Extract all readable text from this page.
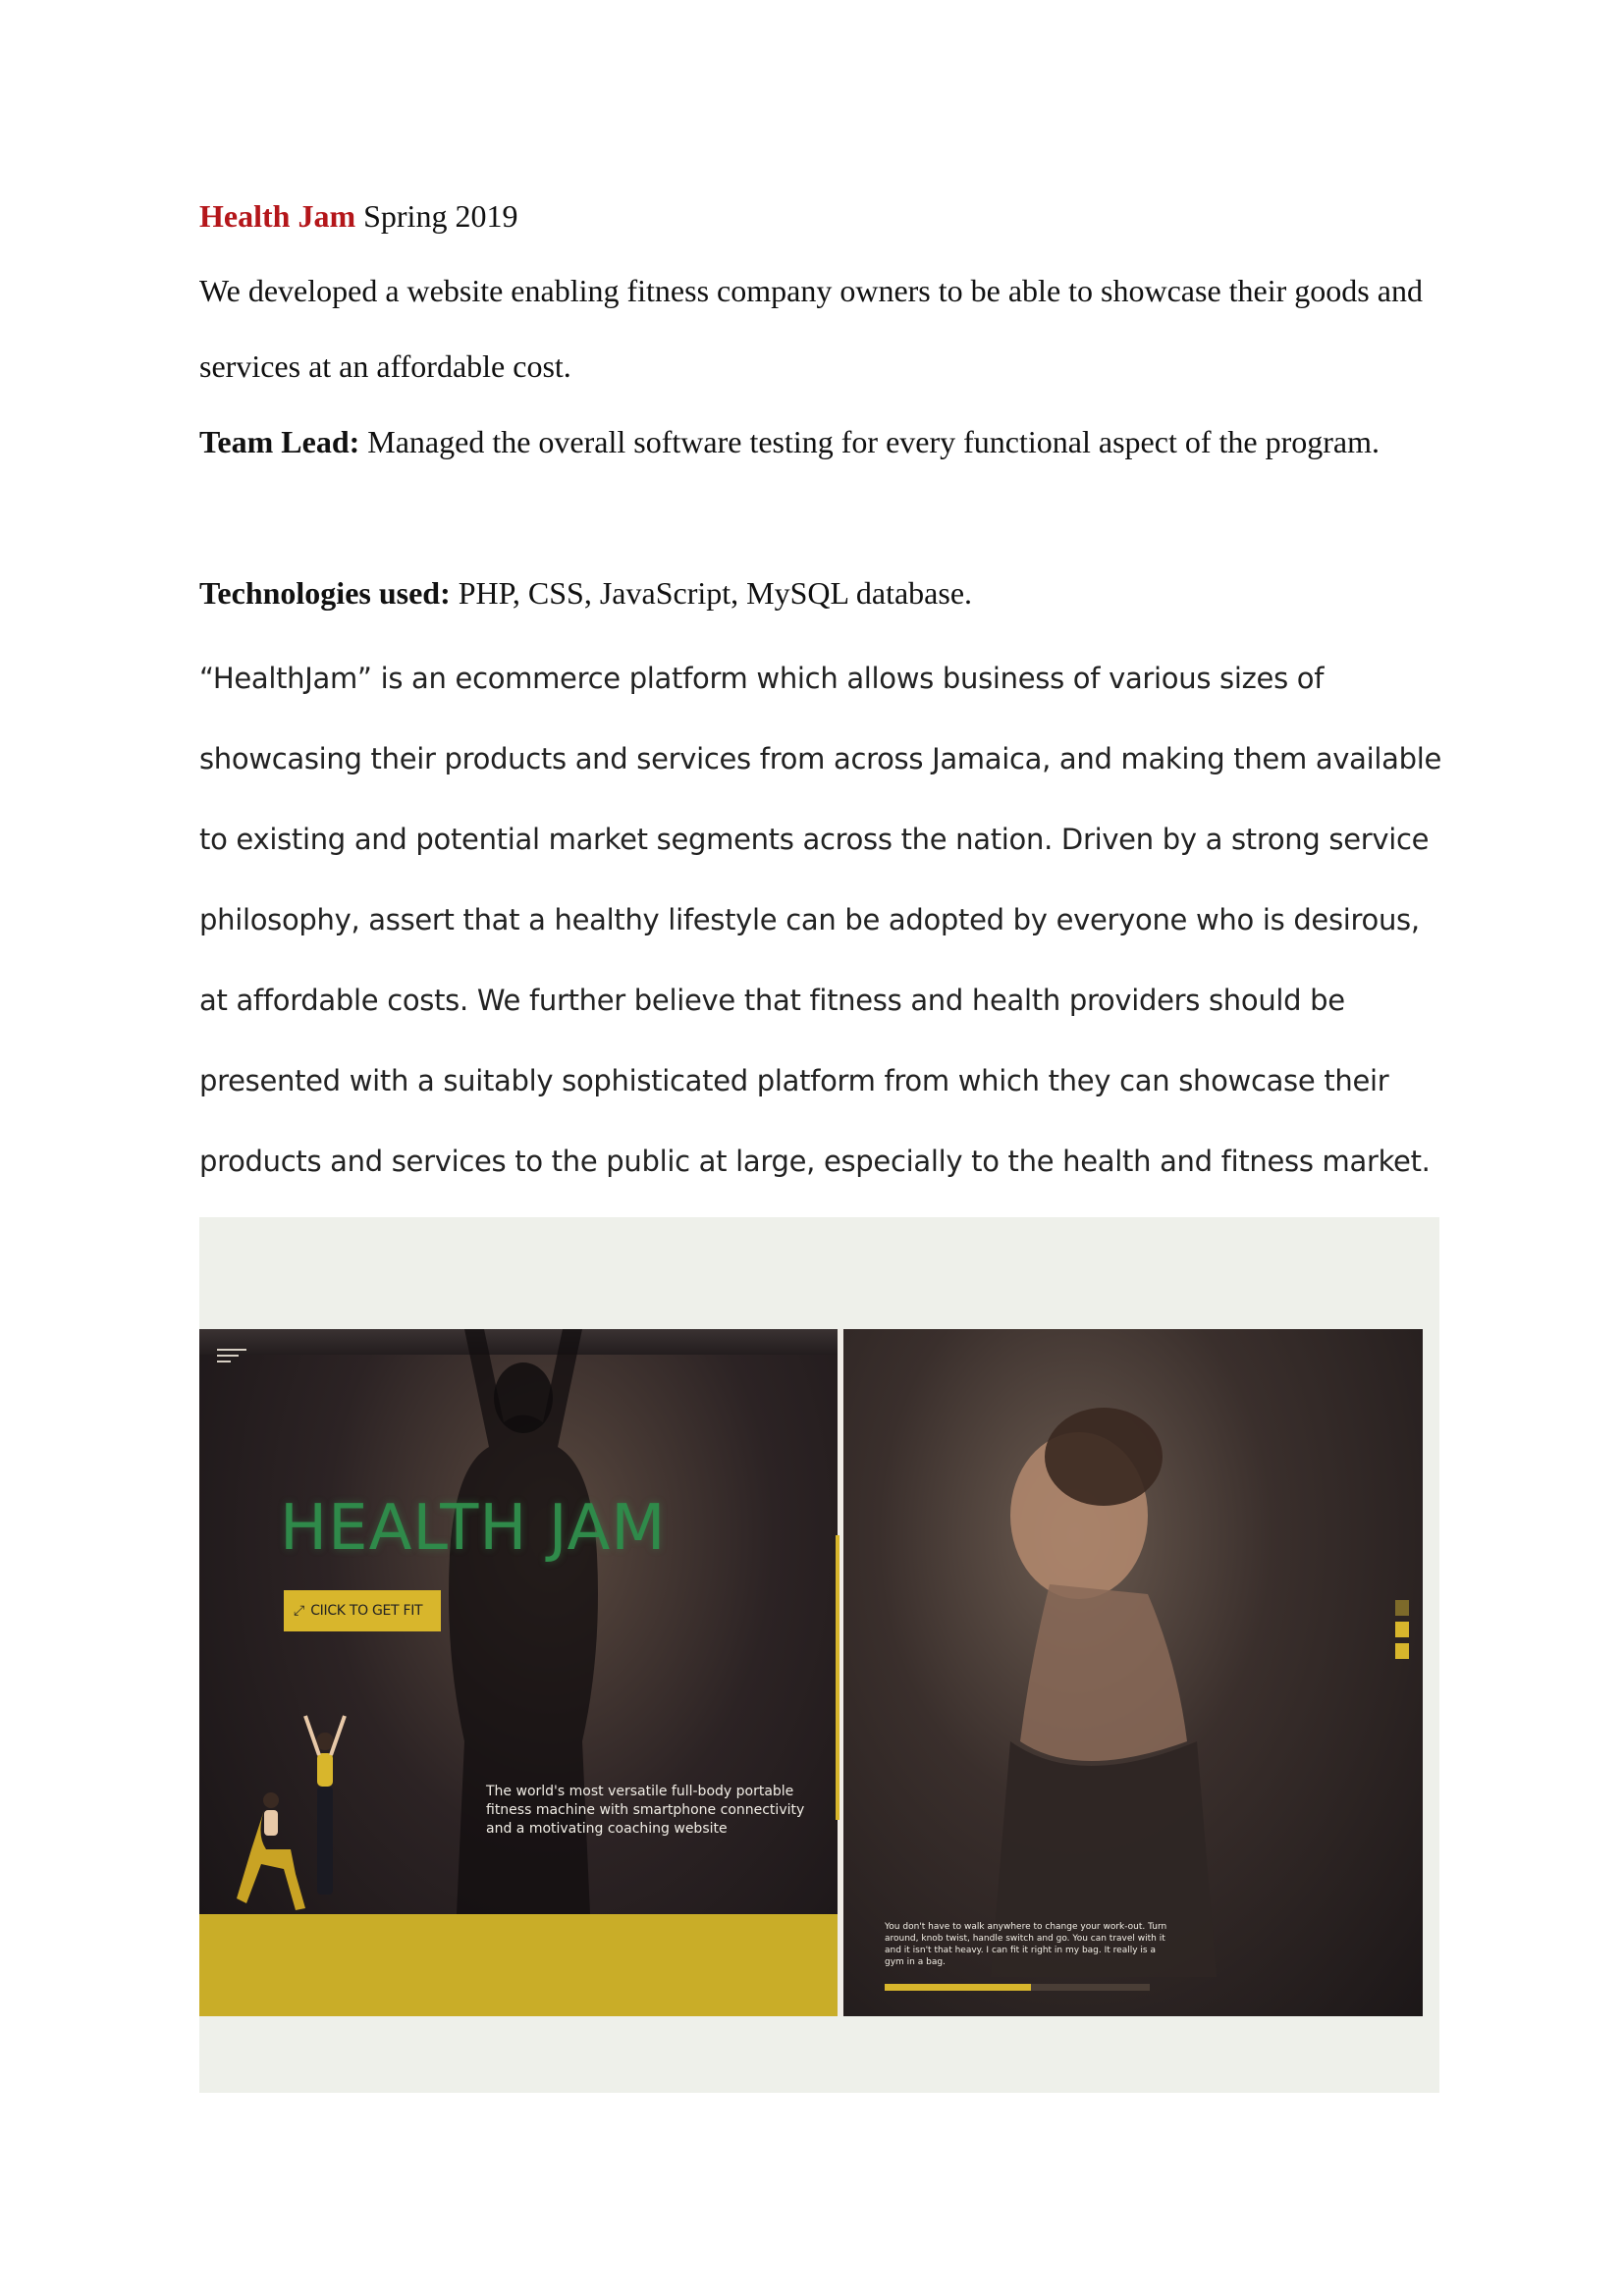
Health Jam Spring 2019

We developed a website enabling fitness company owners to be able to showcase their goods and services at an affordable cost.

Team Lead: Managed the overall software testing for every functional aspect of the program.

Technologies used: PHP, CSS, JavaScript, MySQL database.

“HealthJam” is an ecommerce platform which allows business of various sizes of showcasing their products and services from across Jamaica, and making them available to existing and potential market segments across the nation. Driven by a strong service philosophy, assert that a healthy lifestyle can be adopted by everyone who is desirous, at affordable costs. We further believe that fitness and health providers should be presented with a suitably sophisticated platform from which they can showcase their products and services to the public at large, especially to the health and fitness market.

HEALTH JAM
⤢ CIICK TO GET FIT

The world's most versatile full-body portable fitness machine with smartphone connectivity and a motivating coaching website

You don't have to walk anywhere to change your work-out. Turn around, knob twist, handle switch and go. You can travel with it and it isn't that heavy. I can fit it right in my bag. It really is a gym in a bag.
